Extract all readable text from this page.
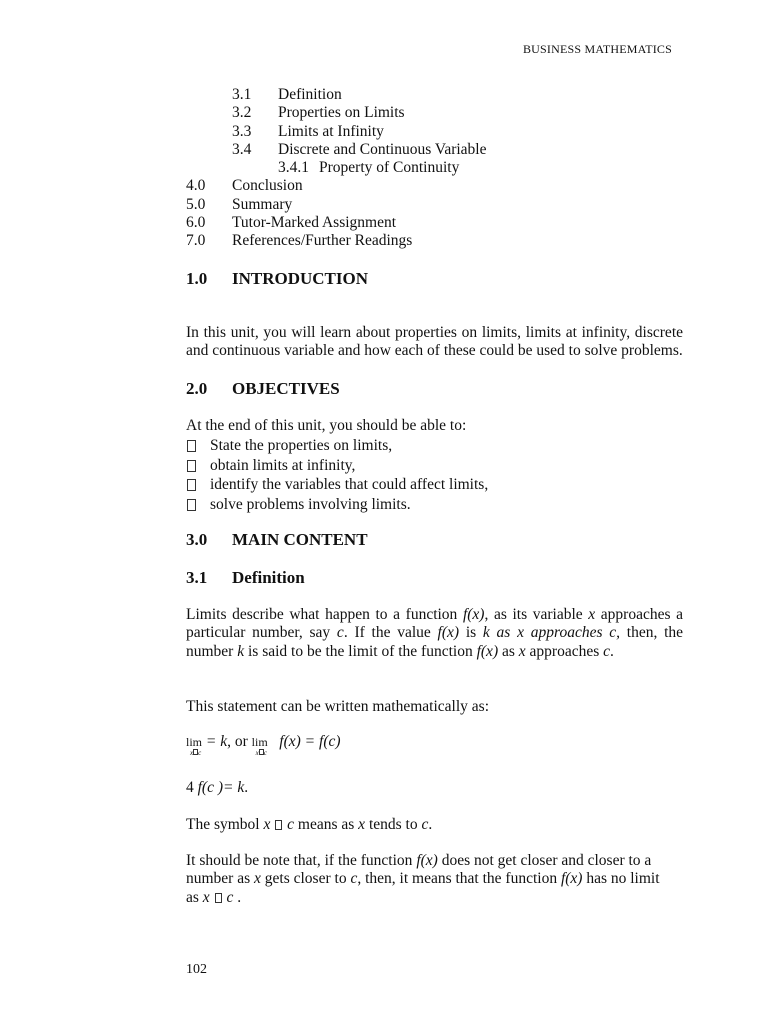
BUSINESS MATHEMATICS
3.1	Definition
3.2	Properties on Limits
3.3	Limits at Infinity
3.4	Discrete and Continuous Variable
3.4.1 Property of Continuity
4.0	Conclusion
5.0	Summary
6.0	Tutor-Marked Assignment
7.0	References/Further Readings
1.0	INTRODUCTION
In this unit, you will learn about properties on limits, limits at infinity, discrete and continuous variable and how each of these could be used to solve problems.
2.0	OBJECTIVES
At the end of this unit, you should be able to:
State the properties on limits,
obtain limits at infinity,
identify the variables that could affect limits,
solve problems involving limits.
3.0	MAIN CONTENT
3.1	Definition
Limits describe what happen to a function f(x), as its variable x approaches a particular number, say c. If the value f(x) is k as x approaches c, then, the number k is said to be the limit of the function f(x) as x approaches c.
This statement can be written mathematically as:
lim
x c
= k, or lim
x c
f(x) = f(c)
4 f(c )= k.
The symbol x c means as x tends to c.
It should be note that, if the function f(x) does not get closer and closer to a number as x gets closer to c, then, it means that the function f(x) has no limit as x c .
102
